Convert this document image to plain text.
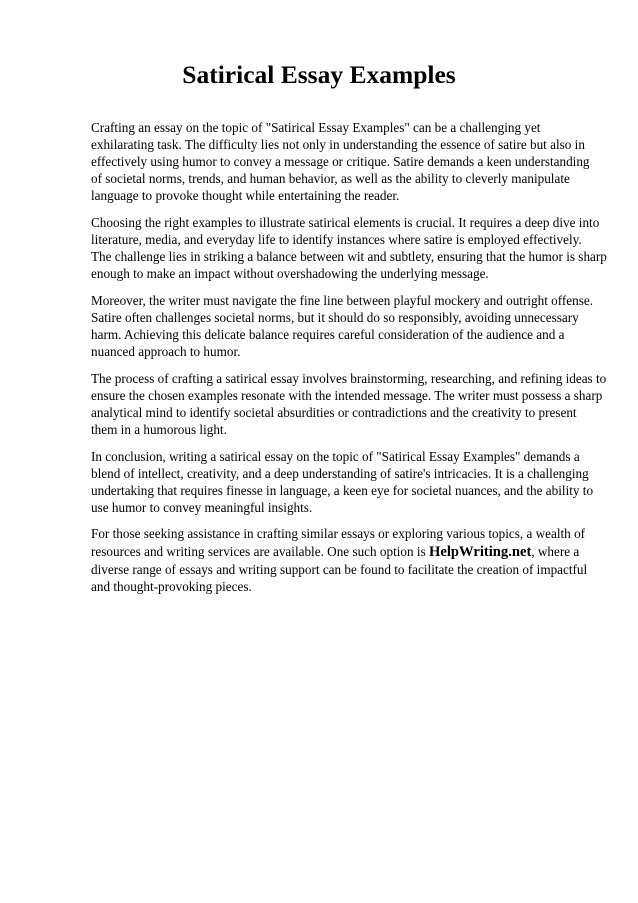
Satirical Essay Examples

Crafting an essay on the topic of "Satirical Essay Examples" can be a challenging yet
exhilarating task. The difficulty lies not only in understanding the essence of satire but also in
effectively using humor to convey a message or critique. Satire demands a keen understanding
of societal norms, trends, and human behavior, as well as the ability to cleverly manipulate
language to provoke thought while entertaining the reader.

Choosing the right examples to illustrate satirical elements is crucial. It requires a deep dive into
literature, media, and everyday life to identify instances where satire is employed effectively.
The challenge lies in striking a balance between wit and subtlety, ensuring that the humor is sharp
enough to make an impact without overshadowing the underlying message.

Moreover, the writer must navigate the fine line between playful mockery and outright offense.
Satire often challenges societal norms, but it should do so responsibly, avoiding unnecessary
harm. Achieving this delicate balance requires careful consideration of the audience and a
nuanced approach to humor.

The process of crafting a satirical essay involves brainstorming, researching, and refining ideas to
ensure the chosen examples resonate with the intended message. The writer must possess a sharp
analytical mind to identify societal absurdities or contradictions and the creativity to present
them in a humorous light.

In conclusion, writing a satirical essay on the topic of "Satirical Essay Examples" demands a
blend of intellect, creativity, and a deep understanding of satire's intricacies. It is a challenging
undertaking that requires finesse in language, a keen eye for societal nuances, and the ability to
use humor to convey meaningful insights.

For those seeking assistance in crafting similar essays or exploring various topics, a wealth of
resources and writing services are available. One such option is HelpWriting.net, where a
diverse range of essays and writing support can be found to facilitate the creation of impactful
and thought-provoking pieces.
